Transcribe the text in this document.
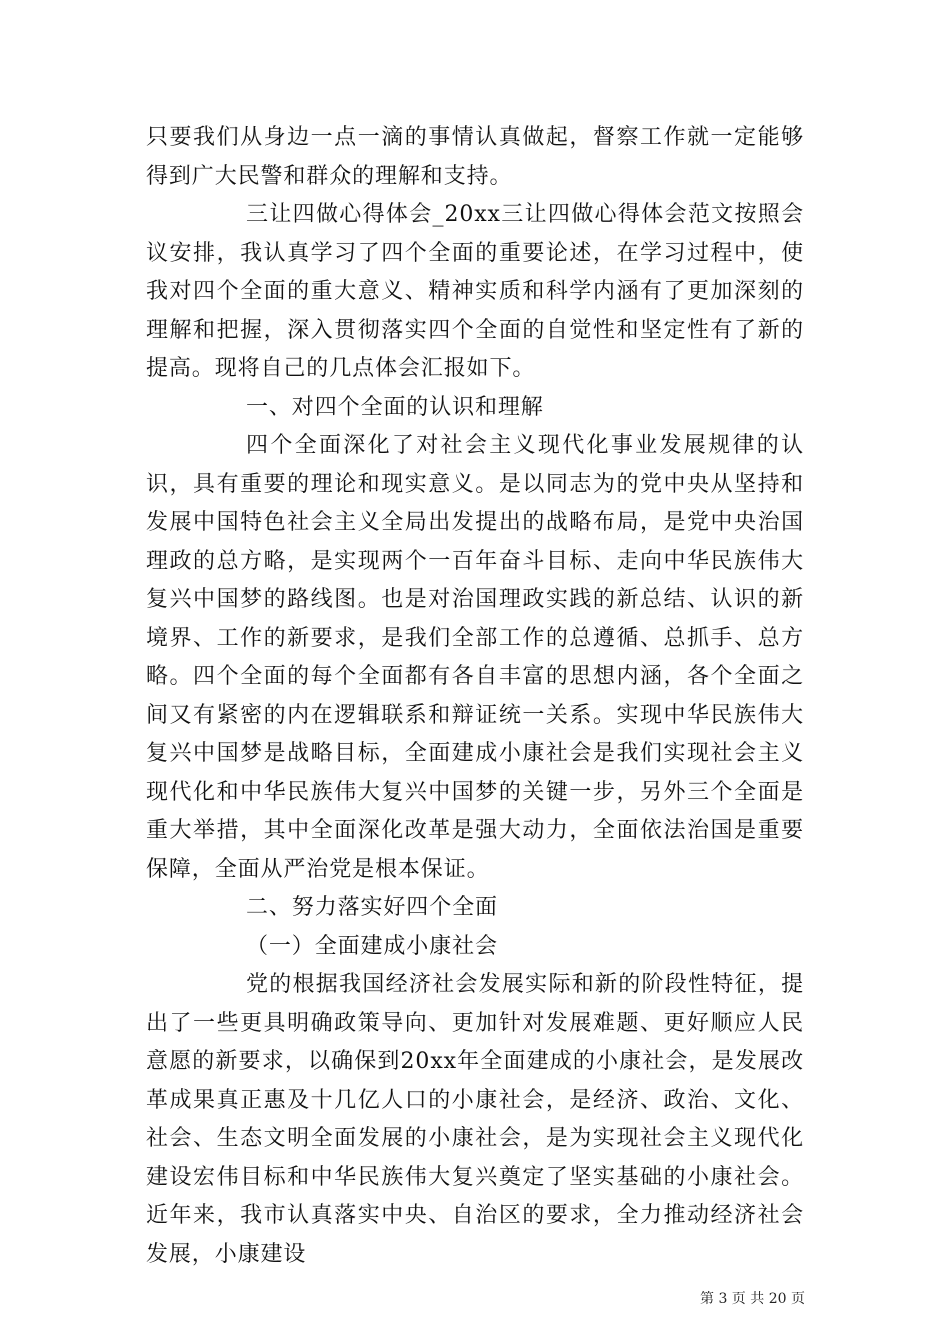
只要我们从身边一点一滴的事情认真做起，督察工作就一定能够得到广大民警和群众的理解和支持。

三让四做心得体会_20xx三让四做心得体会范文按照会议安排，我认真学习了四个全面的重要论述，在学习过程中，使我对四个全面的重大意义、精神实质和科学内涵有了更加深刻的理解和把握，深入贯彻落实四个全面的自觉性和坚定性有了新的提高。现将自己的几点体会汇报如下。

一、对四个全面的认识和理解

四个全面深化了对社会主义现代化事业发展规律的认识，具有重要的理论和现实意义。是以同志为的党中央从坚持和发展中国特色社会主义全局出发提出的战略布局，是党中央治国理政的总方略，是实现两个一百年奋斗目标、走向中华民族伟大复兴中国梦的路线图。也是对治国理政实践的新总结、认识的新境界、工作的新要求，是我们全部工作的总遵循、总抓手、总方略。四个全面的每个全面都有各自丰富的思想内涵，各个全面之间又有紧密的内在逻辑联系和辩证统一关系。实现中华民族伟大复兴中国梦是战略目标，全面建成小康社会是我们实现社会主义现代化和中华民族伟大复兴中国梦的关键一步，另外三个全面是重大举措，其中全面深化改革是强大动力，全面依法治国是重要保障，全面从严治党是根本保证。

二、努力落实好四个全面

（一）全面建成小康社会

党的根据我国经济社会发展实际和新的阶段性特征，提出了一些更具明确政策导向、更加针对发展难题、更好顺应人民意愿的新要求，以确保到20xx年全面建成的小康社会，是发展改革成果真正惠及十几亿人口的小康社会，是经济、政治、文化、社会、生态文明全面发展的小康社会，是为实现社会主义现代化建设宏伟目标和中华民族伟大复兴奠定了坚实基础的小康社会。近年来，我市认真落实中央、自治区的要求，全力推动经济社会发展，小康建设

第 3 页 共 20 页
